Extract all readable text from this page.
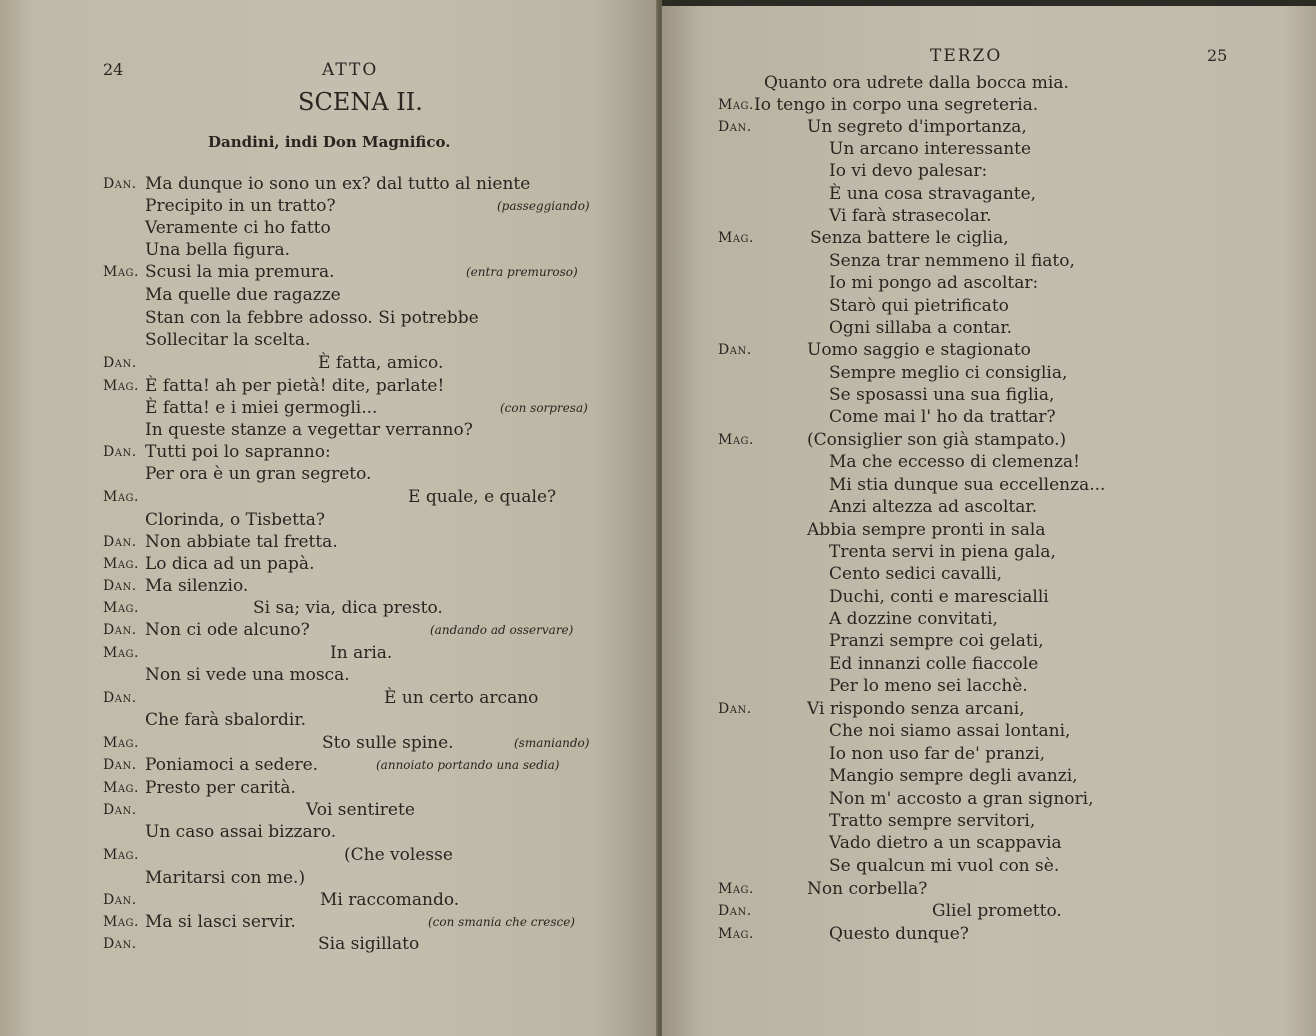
24	ATTO
SCENA II.
Dandini, indi Don Magnifico.
Dan. Ma dunque io sono un ex? dal tutto al niente
Precipito in un tratto?	(passeggiando)
Veramente ci ho fatto
Una bella figura.
Mag. Scusi la mia premura.	(entra premuroso)
Ma quelle due ragazze
Stan con la febbre adosso. Si potrebbe
Sollecitar la scelta.
Dan.	È fatta, amico.
Mag. È fatta! ah per pietà! dite, parlate!
È fatta! e i miei germogli...	(con sorpresa)
In queste stanze a vegettar verranno?
Dan. Tutti poi lo sapranno:
Per ora è un gran segreto.
Mag.	E quale, e quale?
Clorinda, o Tisbetta?
Dan. Non abbiate tal fretta.
Mag. Lo dica ad un papà.
Dan. Ma silenzio.
Mag.	Si sa; via, dica presto.
Dan. Non ci ode alcuno?	(andando ad osservare)
Mag.	In aria.
Non si vede una mosca.
Dan.	È un certo arcano
Che farà sbalordir.
Mag.	Sto sulle spine.	(smaniando)
Dan. Poniamoci a sedere.	(annoiato portando una sedia)
Mag. Presto per carità.
Dan.	Voi sentirete
Un caso assai bizzaro.
Mag.	(Che volesse
Maritarsi con me.)
Dan.	Mi raccomando.
Mag. Ma si lasci servir.	(con smania che cresce)
Dan.	Sia sigillato
TERZO	25
Quanto ora udrete dalla bocca mia.
Mag. Io tengo in corpo una segreteria.
Dan.	Un segreto d'importanza,
Un arcano interessante
Io vi devo palesar:
È una cosa stravagante,
Vi farà strasecolar.
Mag.	Senza battere le ciglia,
Senza trar nemmeno il fiato,
Io mi pongo ad ascoltar:
Starò qui pietrificato
Ogni sillaba a contar.
Dan.	Uomo saggio e stagionato
Sempre meglio ci consiglia,
Se sposassi una sua figlia,
Come mai l' ho da trattar?
Mag.	(Consiglier son già stampato.)
Ma che eccesso di clemenza!
Mi stia dunque sua eccellenza...
Anzi altezza ad ascoltar.
Abbia sempre pronti in sala
Trenta servi in piena gala,
Cento sedici cavalli,
Duchi, conti e marescialli
A dozzine convitati,
Pranzi sempre coi gelati,
Ed innanzi colle fiaccole
Per lo meno sei lacchè.
Dan.	Vi rispondo senza arcani,
Che noi siamo assai lontani,
Io non uso far de' pranzi,
Mangio sempre degli avanzi,
Non m' accosto a gran signori,
Tratto sempre servitori,
Vado dietro a un scappavia
Se qualcun mi vuol con sè.
Mag.	Non corbella?
Dan.	Gliel prometto.
Mag.	Questo dunque?
